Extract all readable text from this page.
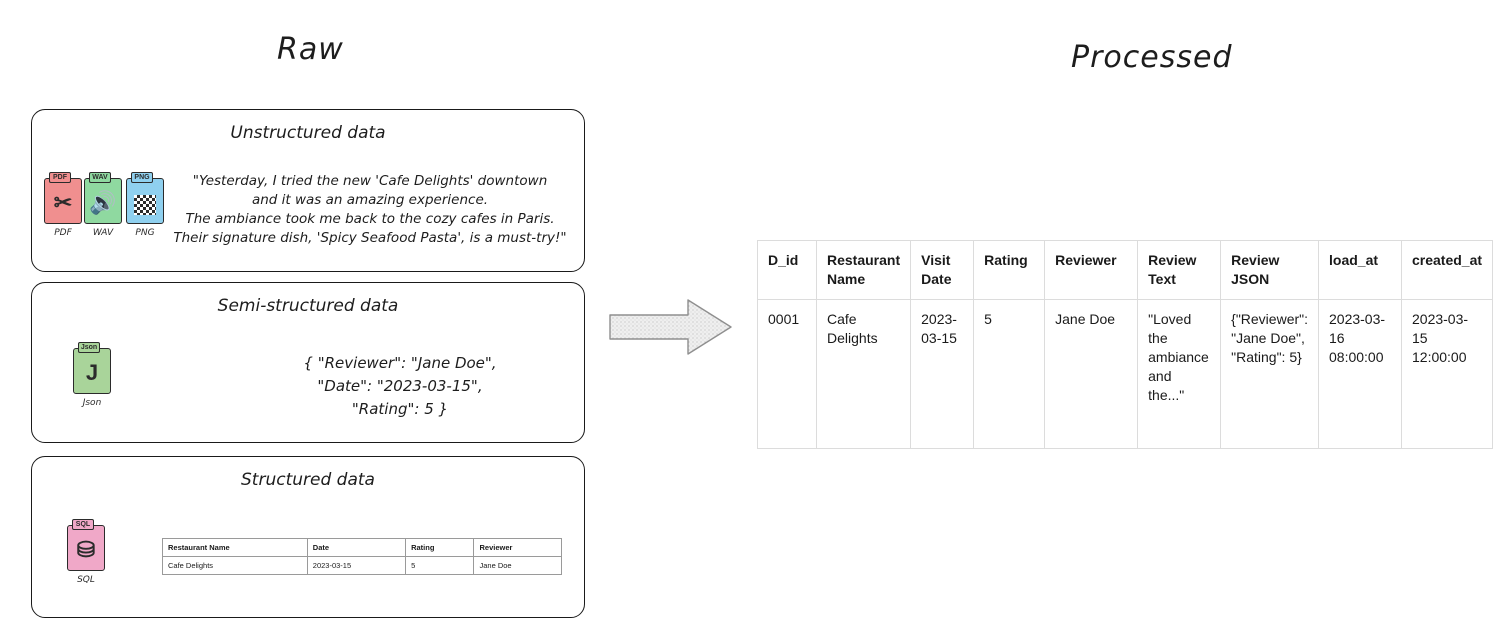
Raw	Processed
Unstructured data
PDF
✂
PDF
WAV
🔊
WAV
PNG
PNG
"Yesterday, I tried the new 'Cafe Delights' downtown
and it was an amazing experience.
The ambiance took me back to the cozy cafes in Paris.
Their signature dish, 'Spicy Seafood Pasta', is a must-try!"
Semi-structured data
Json
J
Json
{ "Reviewer": "Jane Doe",
"Date": "2023-03-15",
"Rating": 5 }
Structured data
SQL
⛁
SQL
Restaurant Name	Date	Rating	Reviewer
Cafe Delights	2023-03-15	5	Jane Doe
D_id	Restaurant Name	Visit Date	Rating	Reviewer	Review Text	Review JSON	load_at	created_at
0001	Cafe Delights	2023-03-15	5	Jane Doe	"Loved the ambiance and the..."	{"Reviewer": "Jane Doe", "Rating": 5}	2023-03-16 08:00:00	2023-03-15 12:00:00
